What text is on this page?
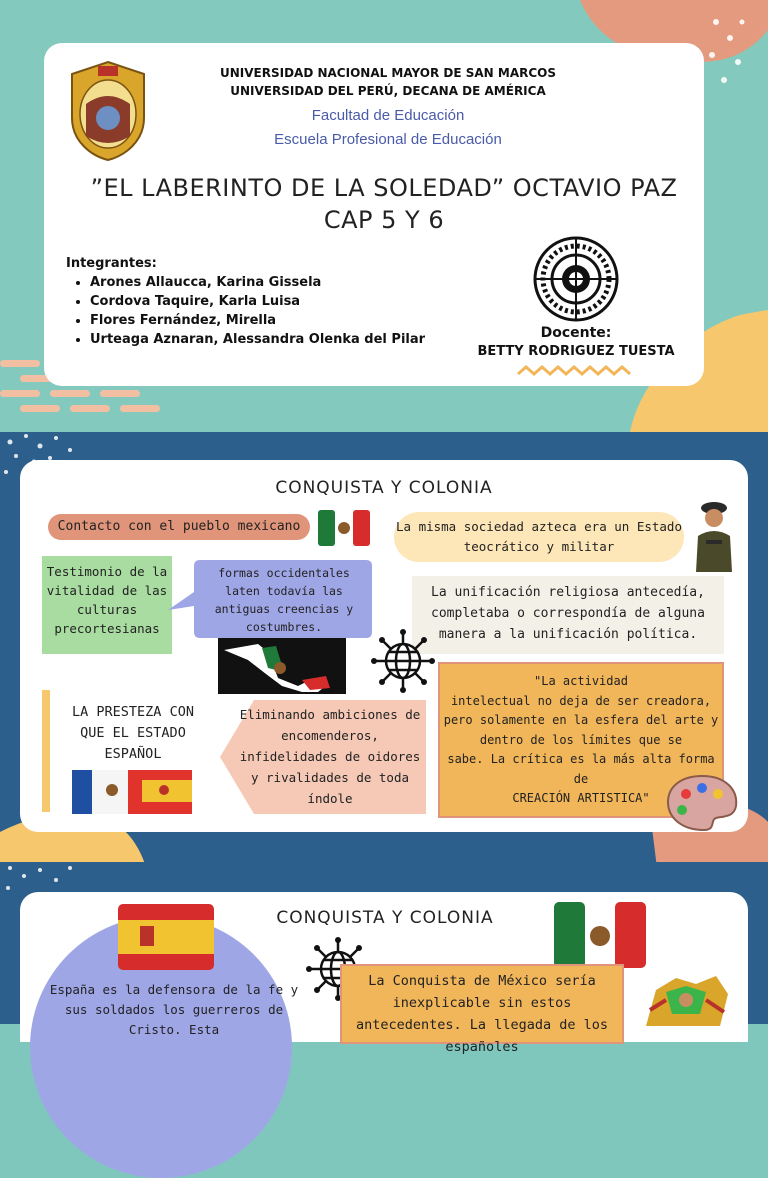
UNIVERSIDAD NACIONAL MAYOR DE SAN MARCOS
UNIVERSIDAD DEL PERÚ, DECANA DE AMÉRICA
Facultad de Educación
Escuela Profesional de Educación
”EL LABERINTO DE LA SOLEDAD” OCTAVIO PAZ
CAP 5 Y 6
Integrantes:
• Arones Allaucca, Karina Gissela
• Cordova Taquire, Karla Luisa
• Flores Fernández, Mirella
• Urteaga Aznaran, Alessandra Olenka del Pilar	Docente:
BETTY RODRIGUEZ TUESTA
CONQUISTA Y COLONIA
Contacto con el pueblo mexicano	La misma sociedad azteca era un Estado teocrático y militar
Testimonio de la vitalidad de las culturas precortesianas
formas occidentales laten todavía las antiguas creencias y costumbres.
La unificación religiosa antecedía, completaba o correspondía de alguna manera a la unificación política.
"La actividad
intelectual no deja de ser creadora,
pero solamente en la esfera del arte y
dentro de los límites que se
sabe. La crítica es la más alta forma
de
CREACIÓN ARTISTICA"
LA PRESTEZA CON QUE EL ESTADO ESPAÑOL
Eliminando ambiciones de encomenderos, infidelidades de oidores y rivalidades de toda índole
CONQUISTA Y COLONIA
España es la defensora de la fe y sus soldados los guerreros de Cristo. Esta
La Conquista de México sería inexplicable sin estos antecedentes. La llegada de los españoles
